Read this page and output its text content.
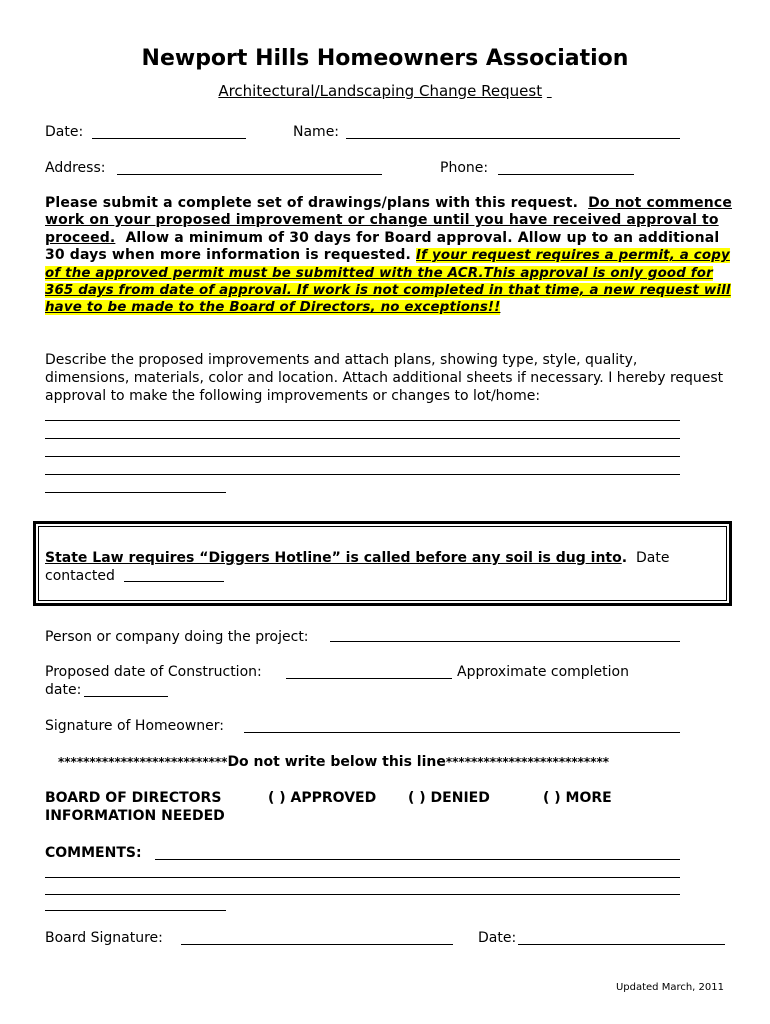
Newport Hills Homeowners Association
Architectural/Landscaping Change Request
Date:	Name:
Address:	Phone:
Please submit a complete set of drawings/plans with this request. Do not commence work on your proposed improvement or change until you have received approval to proceed. Allow a minimum of 30 days for Board approval. Allow up to an additional 30 days when more information is requested. If your request requires a permit, a copy of the approved permit must be submitted with the ACR.This approval is only good for 365 days from date of approval. If work is not completed in that time, a new request will have to be made to the Board of Directors, no exceptions!!
Describe the proposed improvements and attach plans, showing type, style, quality, dimensions, materials, color and location. Attach additional sheets if necessary. I hereby request approval to make the following improvements or changes to lot/home:
State Law requires “Diggers Hotline” is called before any soil is dug into. Date contacted
Person or company doing the project:
Proposed date of Construction:	Approximate completion
date:
Signature of Homeowner:
***************************Do not write below this line**************************
BOARD OF DIRECTORS
INFORMATION NEEDED
( ) APPROVED ( ) DENIED	( ) MORE
COMMENTS:
Board Signature:	Date:
Updated March, 2011
